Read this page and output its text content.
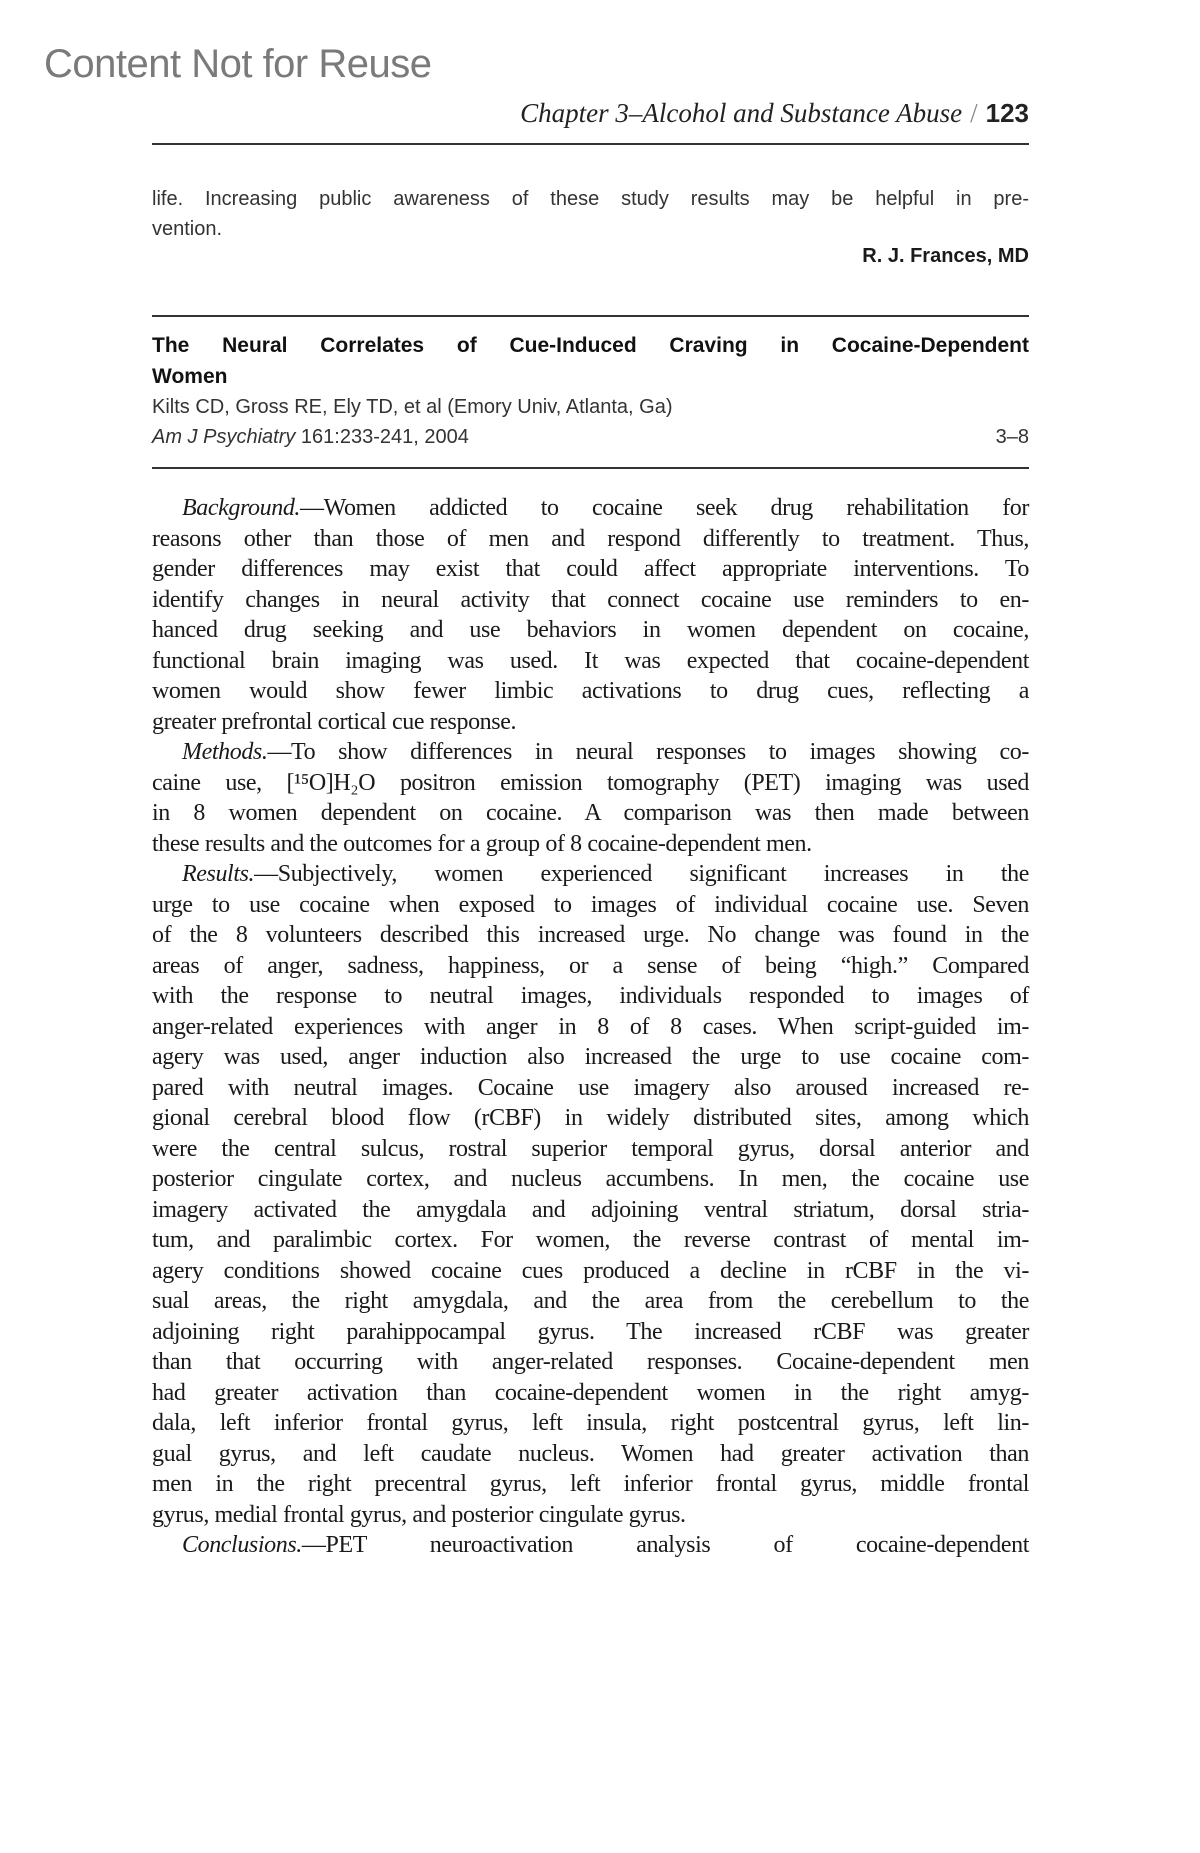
Content Not for Reuse
Chapter 3–Alcohol and Substance Abuse / 123
life. Increasing public awareness of these study results may be helpful in pre-
vention.
R. J. Frances, MD
The Neural Correlates of Cue-Induced Craving in Cocaine-Dependent
Women
Kilts CD, Gross RE, Ely TD, et al (Emory Univ, Atlanta, Ga)
Am J Psychiatry 161:233-241, 2004	3–8
Background.—Women addicted to cocaine seek drug rehabilitation for
reasons other than those of men and respond differently to treatment. Thus,
gender differences may exist that could affect appropriate interventions. To
identify changes in neural activity that connect cocaine use reminders to en-
hanced drug seeking and use behaviors in women dependent on cocaine,
functional brain imaging was used. It was expected that cocaine-dependent
women would show fewer limbic activations to drug cues, reflecting a
greater prefrontal cortical cue response.
Methods.—To show differences in neural responses to images showing co-
caine use, [¹⁵O]H₂O positron emission tomography (PET) imaging was used
in 8 women dependent on cocaine. A comparison was then made between
these results and the outcomes for a group of 8 cocaine-dependent men.
Results.—Subjectively, women experienced significant increases in the
urge to use cocaine when exposed to images of individual cocaine use. Seven
of the 8 volunteers described this increased urge. No change was found in the
areas of anger, sadness, happiness, or a sense of being “high.” Compared
with the response to neutral images, individuals responded to images of
anger-related experiences with anger in 8 of 8 cases. When script-guided im-
agery was used, anger induction also increased the urge to use cocaine com-
pared with neutral images. Cocaine use imagery also aroused increased re-
gional cerebral blood flow (rCBF) in widely distributed sites, among which
were the central sulcus, rostral superior temporal gyrus, dorsal anterior and
posterior cingulate cortex, and nucleus accumbens. In men, the cocaine use
imagery activated the amygdala and adjoining ventral striatum, dorsal stria-
tum, and paralimbic cortex. For women, the reverse contrast of mental im-
agery conditions showed cocaine cues produced a decline in rCBF in the vi-
sual areas, the right amygdala, and the area from the cerebellum to the
adjoining right parahippocampal gyrus. The increased rCBF was greater
than that occurring with anger-related responses. Cocaine-dependent men
had greater activation than cocaine-dependent women in the right amyg-
dala, left inferior frontal gyrus, left insula, right postcentral gyrus, left lin-
gual gyrus, and left caudate nucleus. Women had greater activation than
men in the right precentral gyrus, left inferior frontal gyrus, middle frontal
gyrus, medial frontal gyrus, and posterior cingulate gyrus.
Conclusions.—PET neuroactivation analysis of cocaine-dependent
